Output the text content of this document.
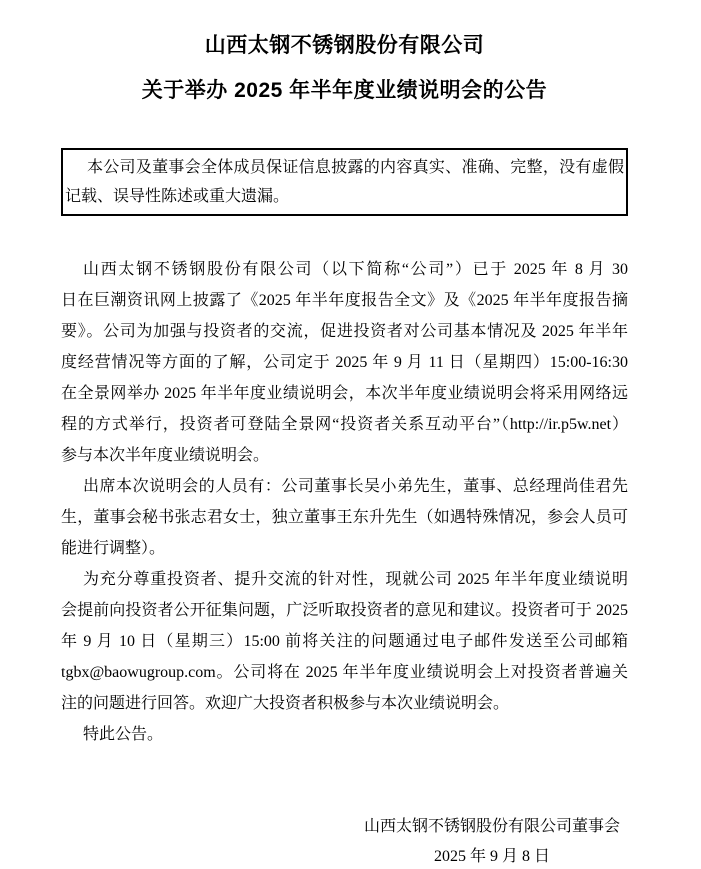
山西太钢不锈钢股份有限公司
关于举办 2025 年半年度业绩说明会的公告
本公司及董事会全体成员保证信息披露的内容真实、准确、完整，没有虚假
记载、误导性陈述或重大遗漏。
山西太钢不锈钢股份有限公司（以下简称“公司”）已于 2025 年 8 月 30
日在巨潮资讯网上披露了《2025 年半年度报告全文》及《2025 年半年度报告摘
要》。公司为加强与投资者的交流，促进投资者对公司基本情况及 2025 年半年
度经营情况等方面的了解，公司定于 2025 年 9 月 11 日（星期四）15:00-16:30
在全景网举办 2025 年半年度业绩说明会，本次半年度业绩说明会将采用网络远
程的方式举行，投资者可登陆全景网“投资者关系互动平台”（http://ir.p5w.net）
参与本次半年度业绩说明会。
出席本次说明会的人员有：公司董事长吴小弟先生，董事、总经理尚佳君先
生，董事会秘书张志君女士，独立董事王东升先生（如遇特殊情况，参会人员可
能进行调整）。
为充分尊重投资者、提升交流的针对性，现就公司 2025 年半年度业绩说明
会提前向投资者公开征集问题，广泛听取投资者的意见和建议。投资者可于 2025
年 9 月 10 日（星期三）15:00 前将关注的问题通过电子邮件发送至公司邮箱
tgbx@baowugroup.com。公司将在 2025 年半年度业绩说明会上对投资者普遍关
注的问题进行回答。欢迎广大投资者积极参与本次业绩说明会。
特此公告。
山西太钢不锈钢股份有限公司董事会
2025 年 9 月 8 日
